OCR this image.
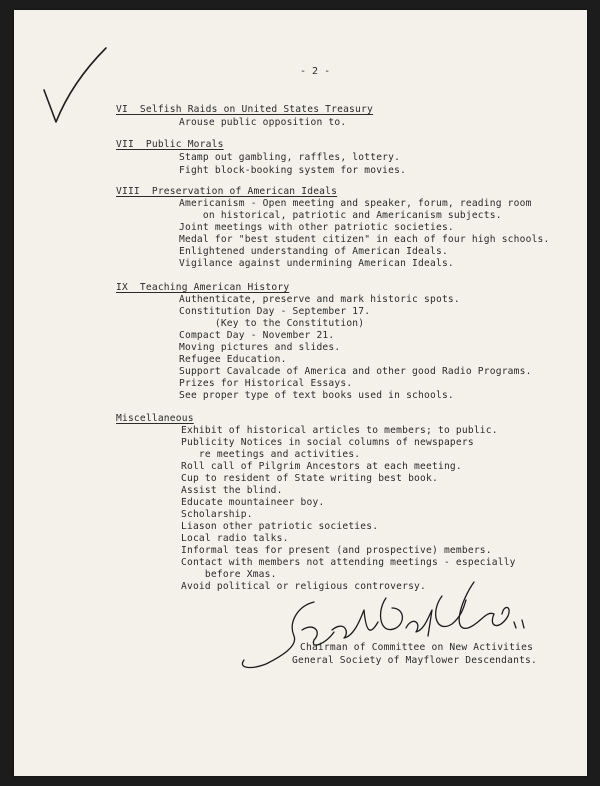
- 2 -
VI  Selfish Raids on United States Treasury
Arouse public opposition to.
VII  Public Morals
Stamp out gambling, raffles, lottery.
Fight block-booking system for movies.
VIII  Preservation of American Ideals
Americanism - Open meeting and speaker, forum, reading room
on historical, patriotic and Americanism subjects.
Joint meetings with other patriotic societies.
Medal for "best student citizen" in each of four high schools.
Enlightened understanding of American Ideals.
Vigilance against undermining American Ideals.
IX  Teaching American History
Authenticate, preserve and mark historic spots.
Constitution Day - September 17.
(Key to the Constitution)
Compact Day - November 21.
Moving pictures and slides.
Refugee Education.
Support Cavalcade of America and other good Radio Programs.
Prizes for Historical Essays.
See proper type of text books used in schools.
Miscellaneous
Exhibit of historical articles to members; to public.
Publicity Notices in social columns of newspapers
re meetings and activities.
Roll call of Pilgrim Ancestors at each meeting.
Cup to resident of State writing best book.
Assist the blind.
Educate mountaineer boy.
Scholarship.
Liason other patriotic societies.
Local radio talks.
Informal teas for present (and prospective) members.
Contact with members not attending meetings - especially
before Xmas.
Avoid political or religious controversy.
Chairman of Committee on New Activities
General Society of Mayflower Descendants.
